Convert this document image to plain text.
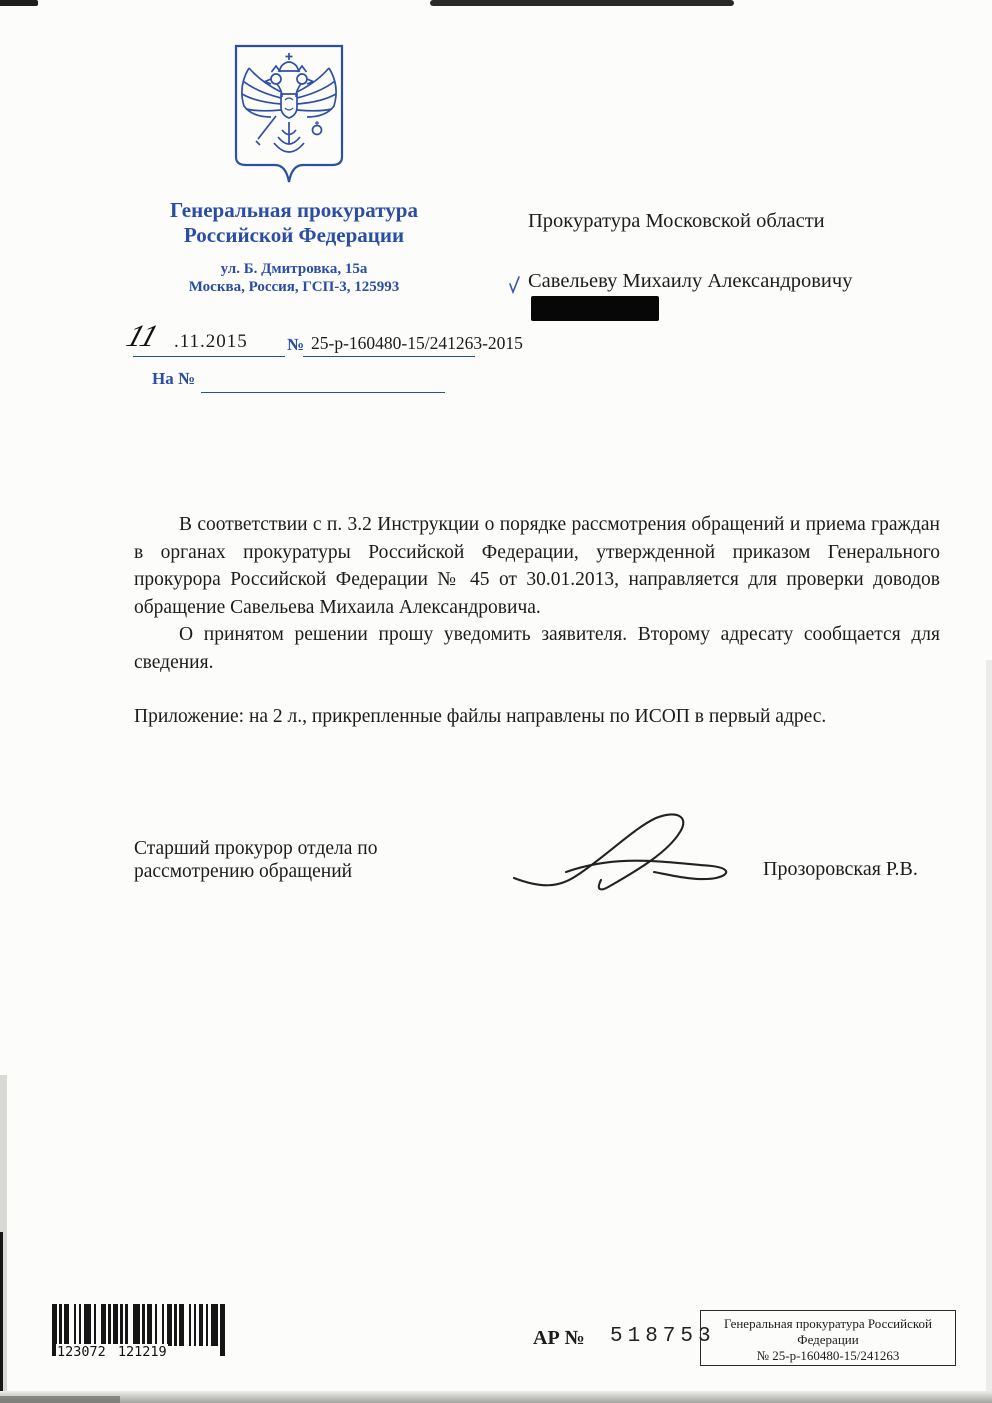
Генеральная прокуратура
Российской Федерации
ул. Б. Дмитровка, 15а
Москва, Россия, ГСП-3, 125993
Прокуратура Московской области
Савельеву Михаилу Александровичу
11 .11.2015 № 25-р-160480-15/241263-2015
На №

В соответствии с п. 3.2 Инструкции о порядке рассмотрения обращений и приема граждан в органах прокуратуры Российской Федерации, утвержденной приказом Генерального прокурора Российской Федерации № 45 от 30.01.2013, направляется для проверки доводов обращение Савельева Михаила Александровича.

О принятом решении прошу уведомить заявителя. Второму адресату сообщается для сведения.

Приложение: на 2 л., прикрепленные файлы направлены по ИСОП в первый адрес.

Старший прокурор отдела по
рассмотрению обращений	Прозоровская Р.В.
123072 121219
АР № 518753
Генеральная прокуратура Российской
Федерации
№ 25-р-160480-15/241263
